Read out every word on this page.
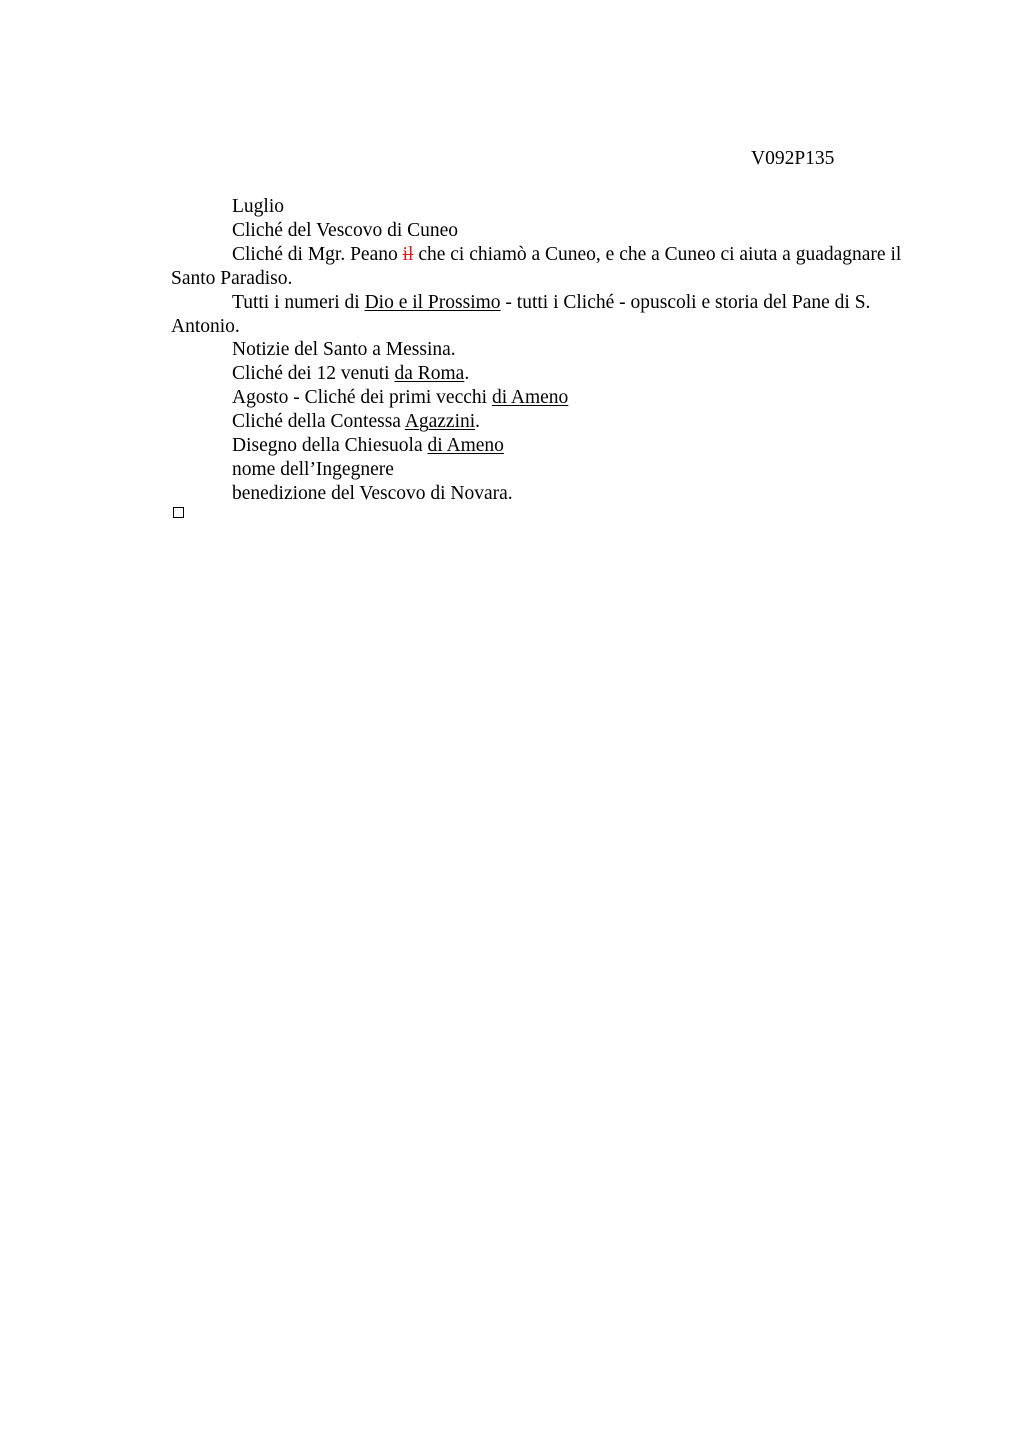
V092P135

Luglio

Cliché del Vescovo di Cuneo

Cliché di Mgr. Peano il che ci chiamò a Cuneo, e che a Cuneo ci aiuta a guadagnare il Santo Paradiso.

Tutti i numeri di Dio e il Prossimo - tutti i Cliché - opuscoli e storia del Pane di S. Antonio.

Notizie del Santo a Messina.

Cliché dei 12 venuti da Roma.

Agosto - Cliché dei primi vecchi di Ameno

Cliché della Contessa Agazzini.

Disegno della Chiesuola di Ameno

nome dell’Ingegnere

benedizione del Vescovo di Novara.
